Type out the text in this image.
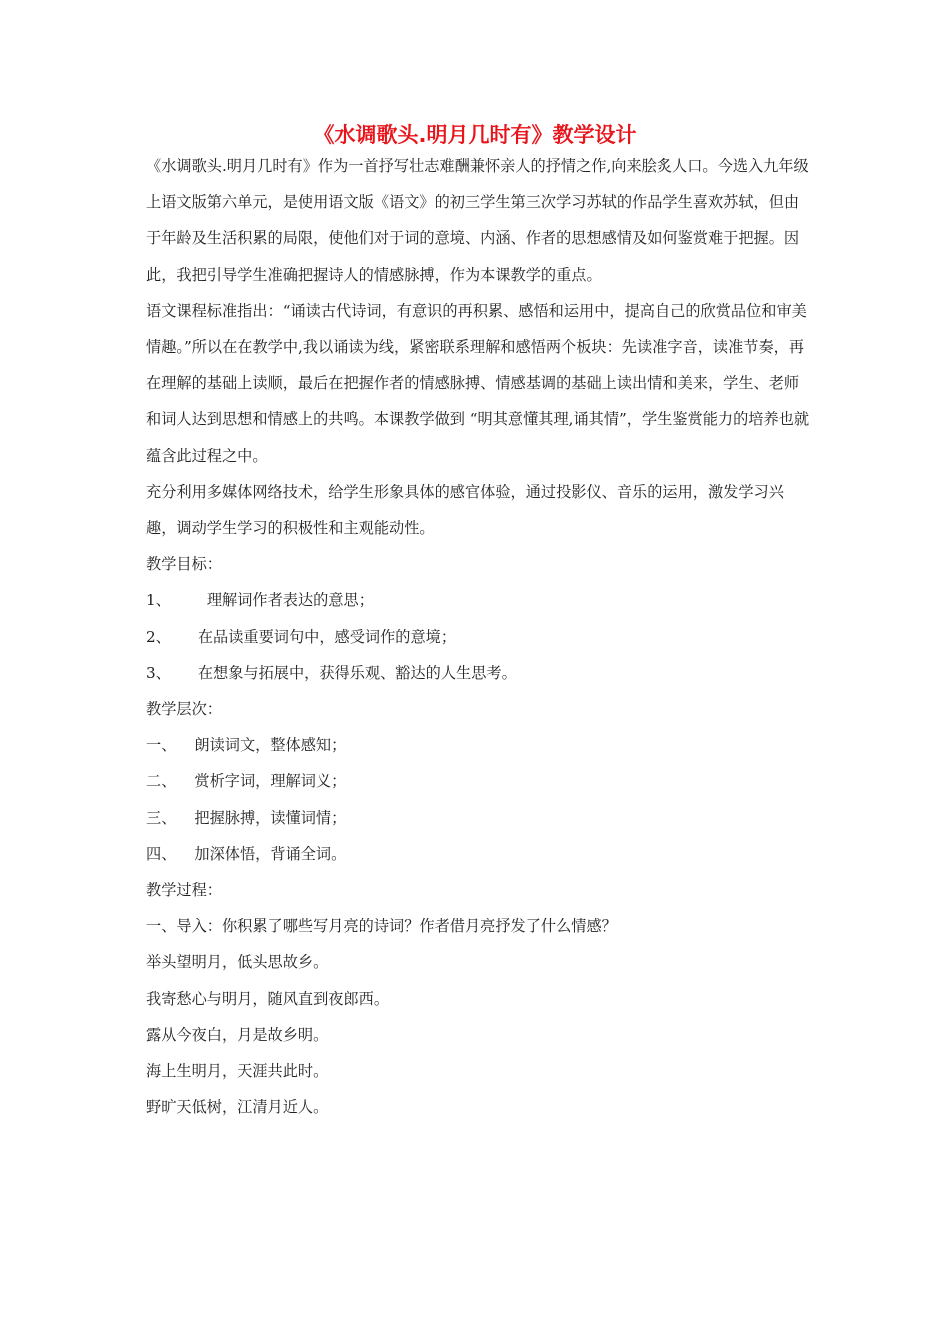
《水调歌头.明月几时有》教学设计

《水调歌头.明月几时有》作为一首抒写壮志难酬兼怀亲人的抒情之作,向来脍炙人口。今选入九年级上语文版第六单元，是使用语文版《语文》的初三学生第三次学习苏轼的作品学生喜欢苏轼，但由于年龄及生活积累的局限，使他们对于词的意境、内涵、作者的思想感情及如何鉴赏难于把握。因此，我把引导学生准确把握诗人的情感脉搏，作为本课教学的重点。

语文课程标准指出：“诵读古代诗词，有意识的再积累、感悟和运用中，提高自己的欣赏品位和审美情趣。”所以在在教学中,我以诵读为线，紧密联系理解和感悟两个板块：先读准字音，读准节奏，再在理解的基础上读顺，最后在把握作者的情感脉搏、情感基调的基础上读出情和美来，学生、老师和词人达到思想和情感上的共鸣。本课教学做到 “明其意懂其理,诵其情”，学生鉴赏能力的培养也就蕴含此过程之中。

充分利用多媒体网络技术，给学生形象具体的感官体验，通过投影仪、音乐的运用，激发学习兴趣，调动学生学习的积极性和主观能动性。

教学目标：

1、 理解词作者表达的意思；
2、 在品读重要词句中，感受词作的意境；
3、 在想象与拓展中，获得乐观、豁达的人生思考。

教学层次：

一、 朗读词文，整体感知；
二、 赏析字词，理解词义；
三、 把握脉搏，读懂词情；
四、 加深体悟，背诵全词。

教学过程：

一、导入：你积累了哪些写月亮的诗词？作者借月亮抒发了什么情感？

举头望明月，低头思故乡。

我寄愁心与明月，随风直到夜郎西。

露从今夜白，月是故乡明。

海上生明月，天涯共此时。

野旷天低树，江清月近人。
